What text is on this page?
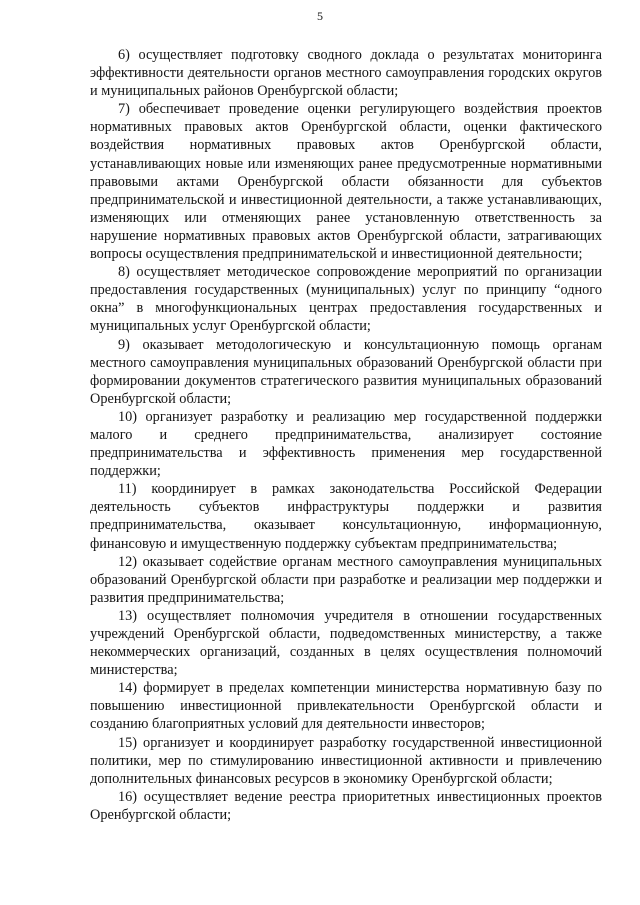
5

6) осуществляет подготовку сводного доклада о результатах мониторинга эффективности деятельности органов местного самоуправления городских округов и муниципальных районов Оренбургской области;

7) обеспечивает проведение оценки регулирующего воздействия проектов нормативных правовых актов Оренбургской области, оценки фактического воздействия нормативных правовых актов Оренбургской области, устанавливающих новые или изменяющих ранее предусмотренные нормативными правовыми актами Оренбургской области обязанности для субъектов предпринимательской и инвестиционной деятельности, а также устанавливающих, изменяющих или отменяющих ранее установленную ответственность за нарушение нормативных правовых актов Оренбургской области, затрагивающих вопросы осуществления предпринимательской и инвестиционной деятельности;

8) осуществляет методическое сопровождение мероприятий по организации предоставления государственных (муниципальных) услуг по принципу “одного окна” в многофункциональных центрах предоставления государственных и муниципальных услуг Оренбургской области;

9) оказывает методологическую и консультационную помощь органам местного самоуправления муниципальных образований Оренбургской области при формировании документов стратегического развития муниципальных образований Оренбургской области;

10) организует разработку и реализацию мер государственной поддержки малого и среднего предпринимательства, анализирует состояние предпринимательства и эффективность применения мер государственной поддержки;

11) координирует в рамках законодательства Российской Федерации деятельность субъектов инфраструктуры поддержки и развития предпринимательства, оказывает консультационную, информационную, финансовую и имущественную поддержку субъектам предпринимательства;

12) оказывает содействие органам местного самоуправления муниципальных образований Оренбургской области при разработке и реализации мер поддержки и развития предпринимательства;

13) осуществляет полномочия учредителя в отношении государственных учреждений Оренбургской области, подведомственных министерству, а также некоммерческих организаций, созданных в целях осуществления полномочий министерства;

14) формирует в пределах компетенции министерства нормативную базу по повышению инвестиционной привлекательности Оренбургской области и созданию благоприятных условий для деятельности инвесторов;

15) организует и координирует разработку государственной инвестиционной политики, мер по стимулированию инвестиционной активности и привлечению дополнительных финансовых ресурсов в экономику Оренбургской области;

16) осуществляет ведение реестра приоритетных инвестиционных проектов Оренбургской области;
